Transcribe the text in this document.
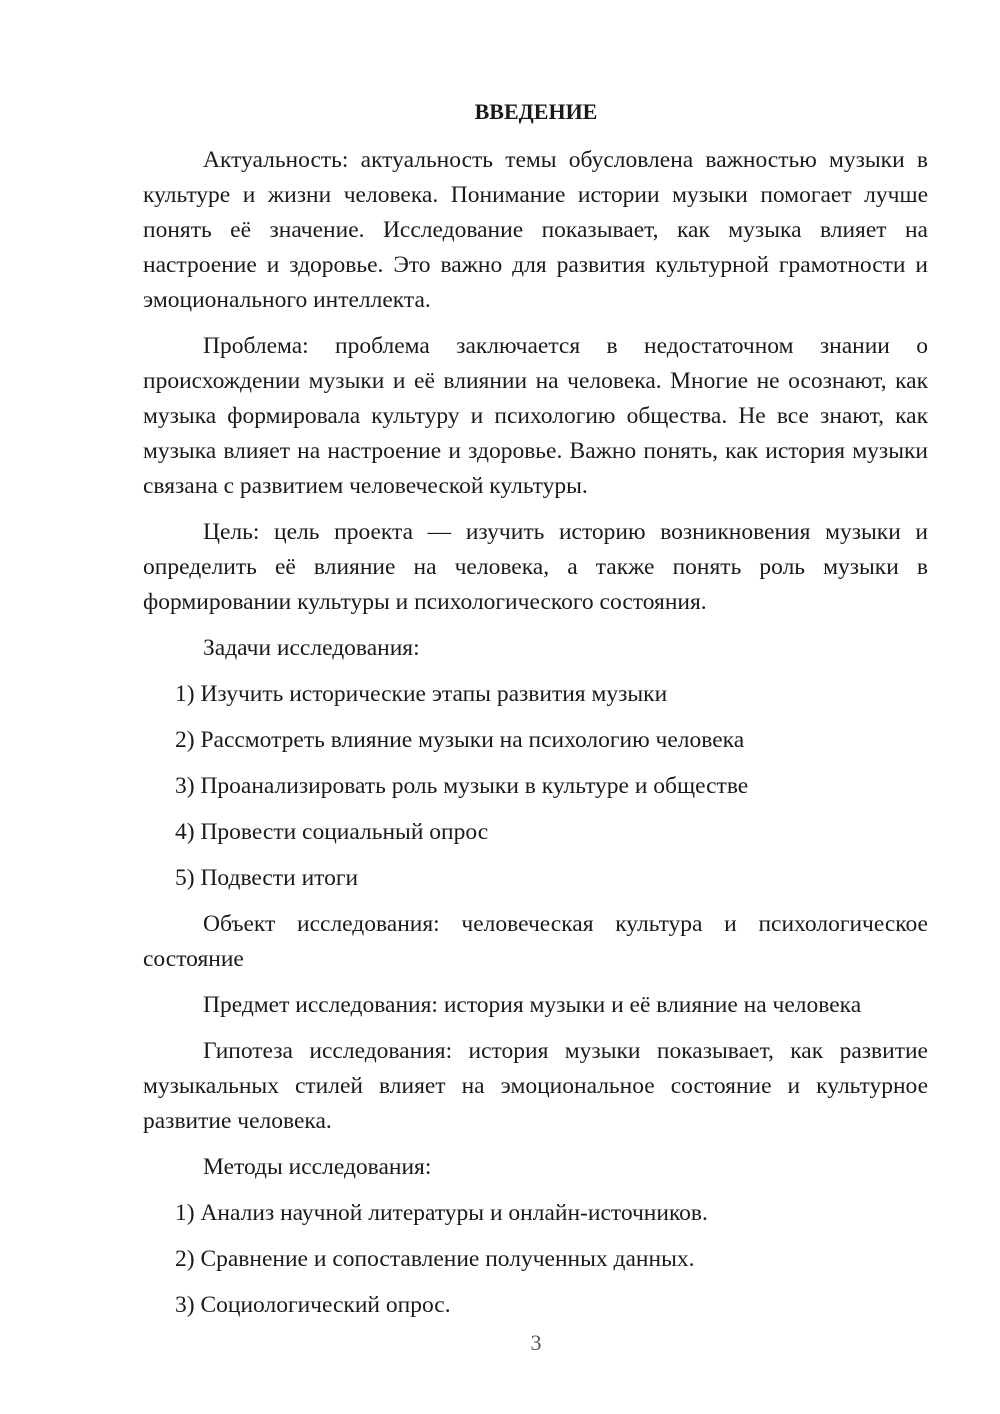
ВВЕДЕНИЕ

Актуальность: актуальность темы обусловлена важностью музыки в культуре и жизни человека. Понимание истории музыки помогает лучше понять её значение. Исследование показывает, как музыка влияет на настроение и здоровье. Это важно для развития культурной грамотности и эмоционального интеллекта.

Проблема: проблема заключается в недостаточном знании о происхождении музыки и её влиянии на человека. Многие не осознают, как музыка формировала культуру и психологию общества. Не все знают, как музыка влияет на настроение и здоровье. Важно понять, как история музыки связана с развитием человеческой культуры.

Цель: цель проекта — изучить историю возникновения музыки и определить её влияние на человека, а также понять роль музыки в формировании культуры и психологического состояния.

Задачи исследования:

1) Изучить исторические этапы развития музыки

2) Рассмотреть влияние музыки на психологию человека

3) Проанализировать роль музыки в культуре и обществе

4) Провести социальный опрос

5) Подвести итоги

Объект исследования: человеческая культура и психологическое состояние

Предмет исследования: история музыки и её влияние на человека

Гипотеза исследования: история музыки показывает, как развитие музыкальных стилей влияет на эмоциональное состояние и культурное развитие человека.

Методы исследования:

1) Анализ научной литературы и онлайн-источников.

2) Сравнение и сопоставление полученных данных.

3) Социологический опрос.

3
